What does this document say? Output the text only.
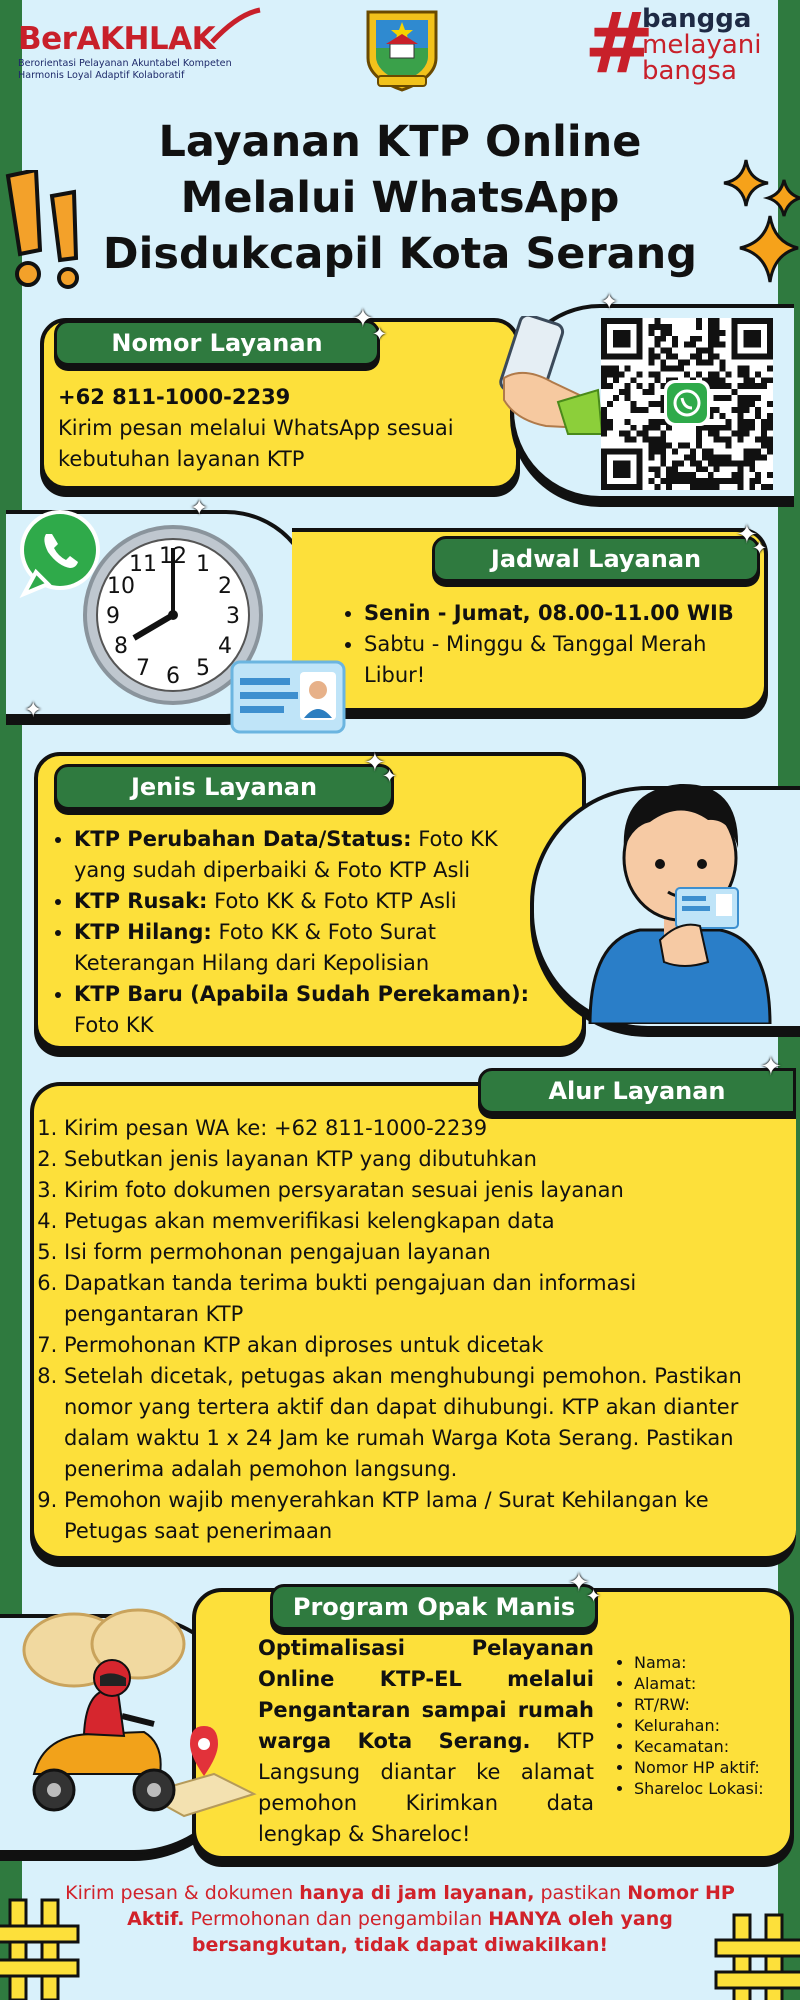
BerAKHLAK
Berorientasi Pelayanan Akuntabel Kompeten
Harmonis Loyal Adaptif Kolaboratif	#
bangga
melayani
bangsa
Layanan KTP Online
Melalui WhatsApp
Disdukcapil Kota Serang
Nomor Layanan
✦
✦
+62 811-1000-2239
Kirim pesan melalui WhatsApp sesuai kebutuhan layanan KTP
✦
✦
✦
Jadwal Layanan
✦
✦
• Senin - Jumat, 08.00-11.00 WIB
• Sabtu - Minggu & Tanggal Merah Libur!
1
2
3
4
5
6
7
8
9
10
11 12
Jenis Layanan
✦
✦
• KTP Perubahan Data/Status: Foto KK yang sudah diperbaiki & Foto KTP Asli
• KTP Rusak: Foto KK & Foto KTP Asli
• KTP Hilang: Foto KK & Foto Surat Keterangan Hilang dari Kepolisian
• KTP Baru (Apabila Sudah Perekaman): Foto KK
Alur Layanan
✦
1. Kirim pesan WA ke: +62 811-1000-2239
2. Sebutkan jenis layanan KTP yang dibutuhkan
3. Kirim foto dokumen persyaratan sesuai jenis layanan
4. Petugas akan memverifikasi kelengkapan data
5. Isi form permohonan pengajuan layanan
6. Dapatkan tanda terima bukti pengajuan dan informasi pengantaran KTP
7. Permohonan KTP akan diproses untuk dicetak
8. Setelah dicetak, petugas akan menghubungi pemohon. Pastikan nomor yang tertera aktif dan dapat dihubungi. KTP akan dianter dalam waktu 1 x 24 Jam ke rumah Warga Kota Serang. Pastikan penerima adalah pemohon langsung.
9. Pemohon wajib menyerahkan KTP lama / Surat Kehilangan ke Petugas saat penerimaan
Program Opak Manis
✦
✦
Optimalisasi Pelayanan Online KTP-EL melalui Pengantaran sampai rumah warga Kota Serang. KTP Langsung diantar ke alamat pemohon Kirimkan data lengkap & Shareloc!
• Nama:
• Alamat:
• RT/RW:
• Kelurahan:
• Kecamatan:
• Nomor HP aktif:
• Shareloc Lokasi:
Kirim pesan & dokumen hanya di jam layanan, pastikan Nomor HP Aktif. Permohonan dan pengambilan HANYA oleh yang bersangkutan, tidak dapat diwakilkan!
